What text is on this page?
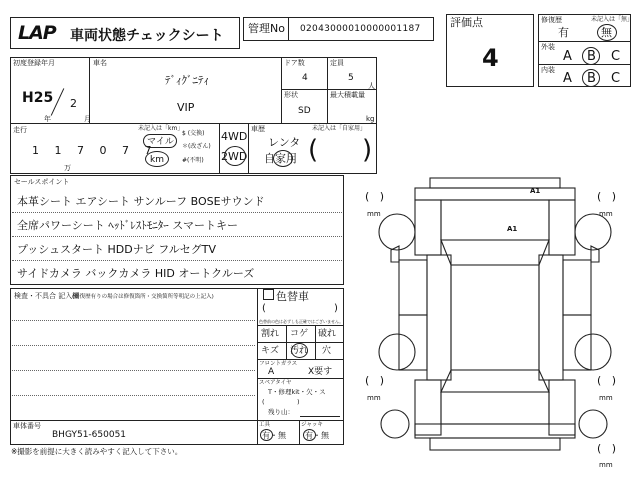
LAP 車両状態チェックシート 管理No 02043000010000001187	評価点
4
修復歴	未記入は「無」
有	無
外装
A B C
内装
A B C
初度登録年月
H25 2
年	月
車名
ﾃﾞｨｸﾞﾆﾃｨ
VIP
ドア数
4
定員
5
人
形状
SD
最大積載量
kg
走行
1 1 7 0 7 7
万
未記入は「km」
マイル
km
$ (交換)
＊(改ざん)
#(不明)
4WD
2WD
車歴	未記入は「自家用」
レンタ
自家用 ( )
セールスポイント
本革シート エアシート サンルーフ BOSEサウンド
全席パワーシート ﾍｯﾄﾞﾚｽﾄﾓﾆﾀｰ スマートキー
プッシュスタート HDDナビ フルセグTV
サイドカメラ バックカメラ HID オートクルーズ
検査・不具合 記入欄
(修復歴有りの場合は修復箇所・交換箇所等明記の上記入)
車体番号
BHGY51-650051
色替車
(	)
色替前の色は必ずしも正確ではございません。
割れ コゲ 破れ
キズ 汚れ 穴
フロントガラス
A	X要す
スペアタイヤ
T・修理kit・欠・ス
(　　　　　)
残り山：
工具
有・無
ジャッキ
有・無
※撮影を前提に大きく読みやすく記入して下さい。
A1
A1
(   )
mm
(   )
mm
(   )
mm
(   )
mm
(   )
mm
